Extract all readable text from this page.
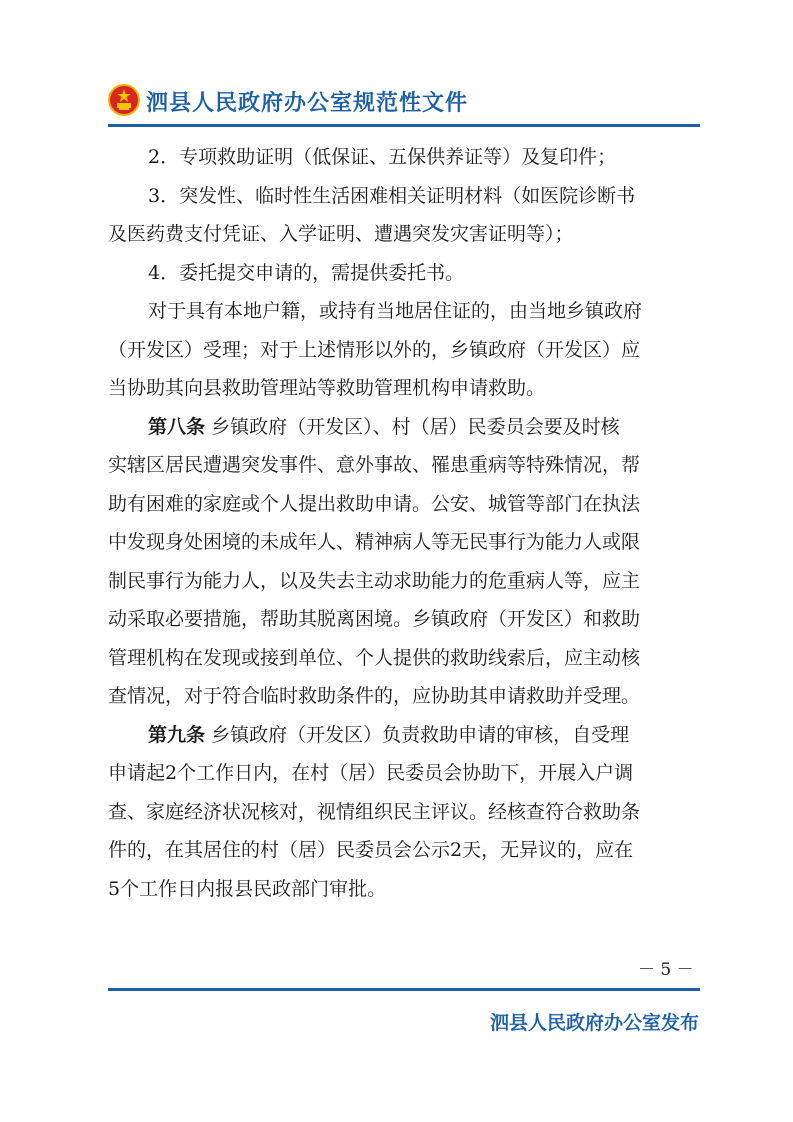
泗县人民政府办公室规范性文件
2．专项救助证明（低保证、五保供养证等）及复印件；
3．突发性、临时性生活困难相关证明材料（如医院诊断书
及医药费支付凭证、入学证明、遭遇突发灾害证明等）；
4．委托提交申请的，需提供委托书。
对于具有本地户籍，或持有当地居住证的，由当地乡镇政府
（开发区）受理；对于上述情形以外的，乡镇政府（开发区）应
当协助其向县救助管理站等救助管理机构申请救助。
第八条 乡镇政府（开发区）、村（居）民委员会要及时核
实辖区居民遭遇突发事件、意外事故、罹患重病等特殊情况，帮
助有困难的家庭或个人提出救助申请。公安、城管等部门在执法
中发现身处困境的未成年人、精神病人等无民事行为能力人或限
制民事行为能力人，以及失去主动求助能力的危重病人等，应主
动采取必要措施，帮助其脱离困境。乡镇政府（开发区）和救助
管理机构在发现或接到单位、个人提供的救助线索后，应主动核
查情况，对于符合临时救助条件的，应协助其申请救助并受理。
第九条 乡镇政府（开发区）负责救助申请的审核，自受理
申请起2个工作日内，在村（居）民委员会协助下，开展入户调
查、家庭经济状况核对，视情组织民主评议。经核查符合救助条
件的，在其居住的村（居）民委员会公示2天，无异议的，应在
5个工作日内报县民政部门审批。
－ 5 －
泗县人民政府办公室发布
